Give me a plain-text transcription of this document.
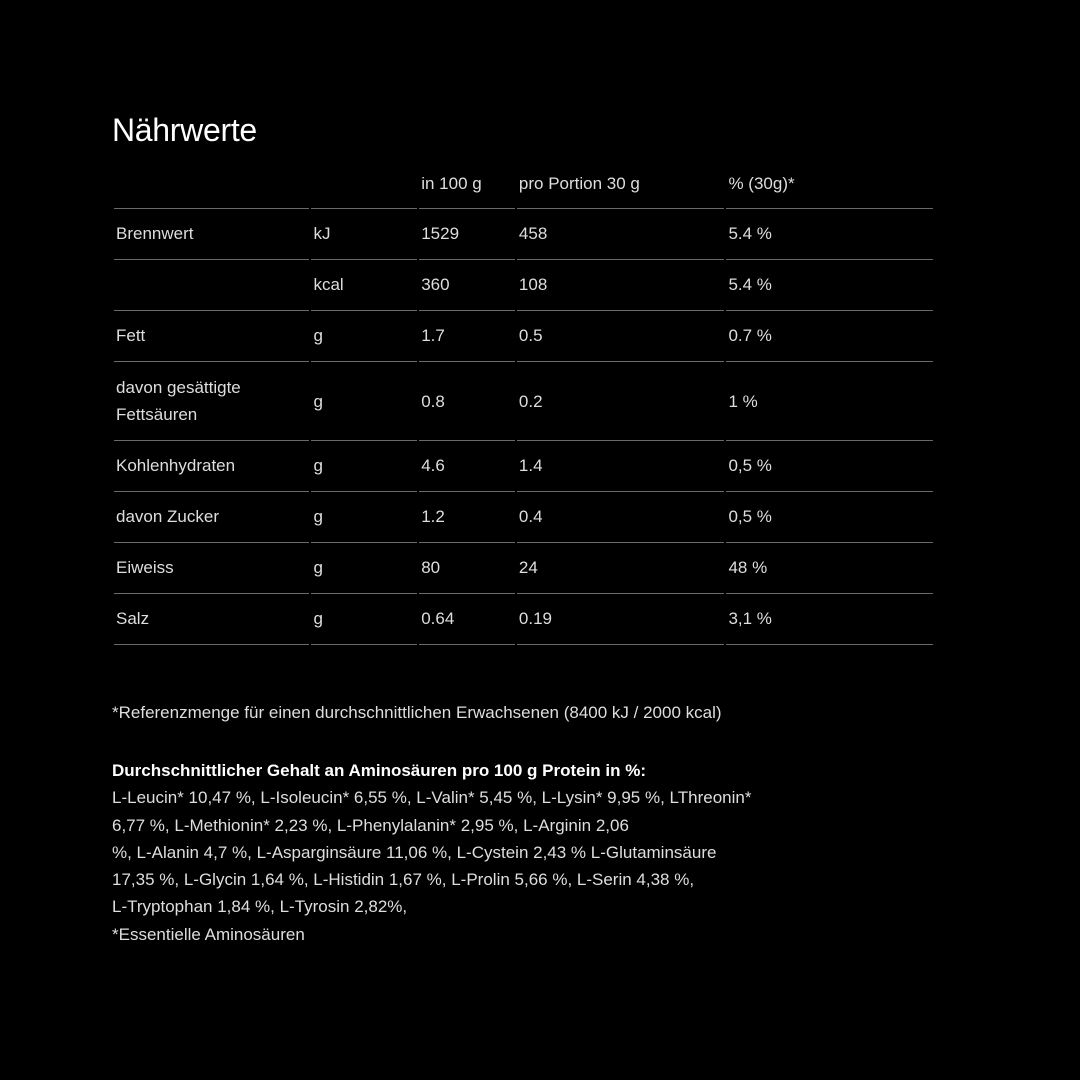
Nährwerte
		in 100 g	pro Portion 30 g	% (30g)*
Brennwert	kJ	1529	458	5.4 %
	kcal	360	108	5.4 %
Fett	g	1.7	0.5	0.7 %
davon gesättigte Fettsäuren	g	0.8	0.2	1 %
Kohlenhydraten	g	4.6	1.4	0,5 %
davon Zucker	g	1.2	0.4	0,5 %
Eiweiss	g	80	24	48 %
Salz	g	0.64	0.19	3,1 %

*Referenzmenge für einen durchschnittlichen Erwachsenen (8400 kJ / 2000 kcal)

Durchschnittlicher Gehalt an Aminosäuren pro 100 g Protein in %:

L-Leucin* 10,47 %, L-Isoleucin* 6,55 %, L-Valin* 5,45 %, L-Lysin* 9,95 %, LThreonin*

6,77 %, L-Methionin* 2,23 %, L-Phenylalanin* 2,95 %, L-Arginin 2,06

%, L-Alanin 4,7 %, L-Asparginsäure 11,06 %, L-Cystein 2,43 % L-Glutaminsäure

17,35 %, L-Glycin 1,64 %, L-Histidin 1,67 %, L-Prolin 5,66 %, L-Serin 4,38 %,

L-Tryptophan 1,84 %, L-Tyrosin 2,82%,

*Essentielle Aminosäuren
